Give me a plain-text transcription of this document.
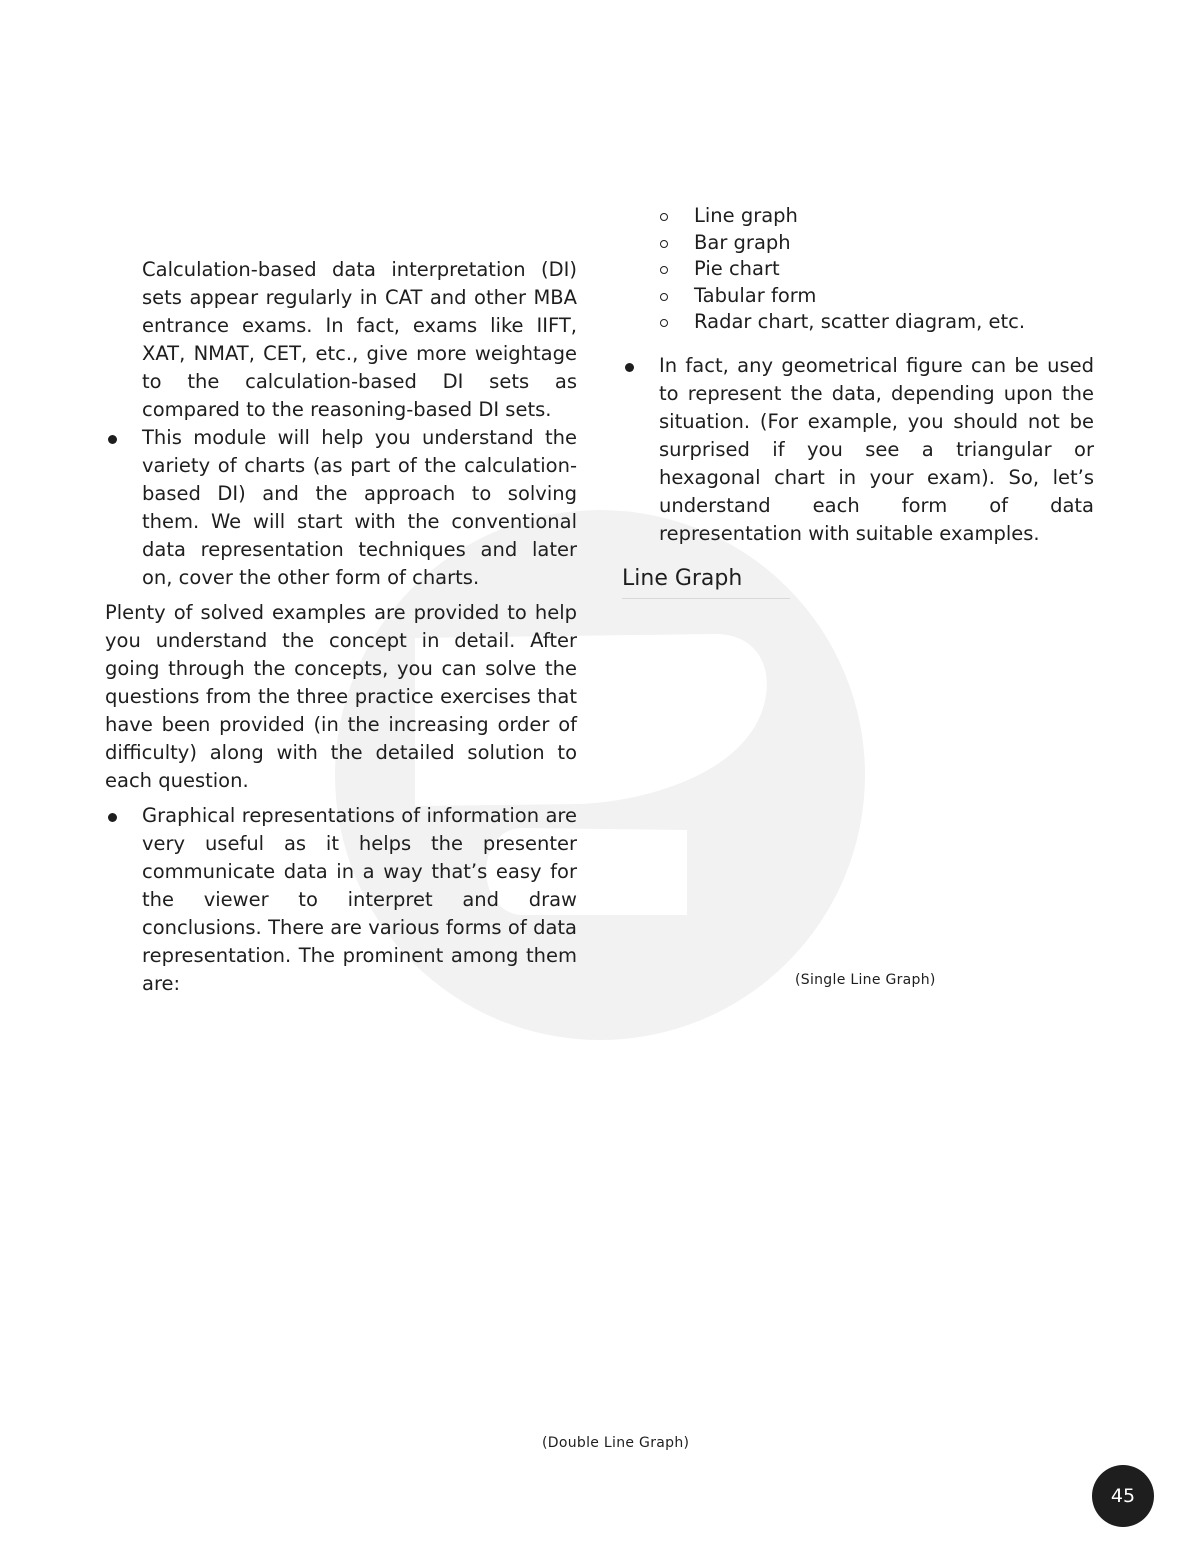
Calculation-based data interpretation (DI) sets appear regularly in CAT and other MBA entrance exams. In fact, exams like IIFT, XAT, NMAT, CET, etc., give more weightage to the calculation-based DI sets as compared to the reasoning-based DI sets.
This module will help you understand the variety of charts (as part of the calculation-based DI) and the approach to solving them. We will start with the conventional data representation techniques and later on, cover the other form of charts.
Plenty of solved examples are provided to help you understand the concept in detail. After going through the concepts, you can solve the questions from the three practice exercises that have been provided (in the increasing order of difficulty) along with the detailed solution to each question.
Graphical representations of information are very useful as it helps the presenter communicate data in a way that’s easy for the viewer to interpret and draw conclusions. There are various forms of data representation. The prominent among them are:
Line graph
Bar graph
Pie chart
Tabular form
Radar chart, scatter diagram, etc.
In fact, any geometrical figure can be used to represent the data, depending upon the situation. (For example, you should not be surprised if you see a triangular or hexagonal chart in your exam). So, let’s understand each form of data representation with suitable examples.
Line Graph
(Single Line Graph)
(Double Line Graph)
45
